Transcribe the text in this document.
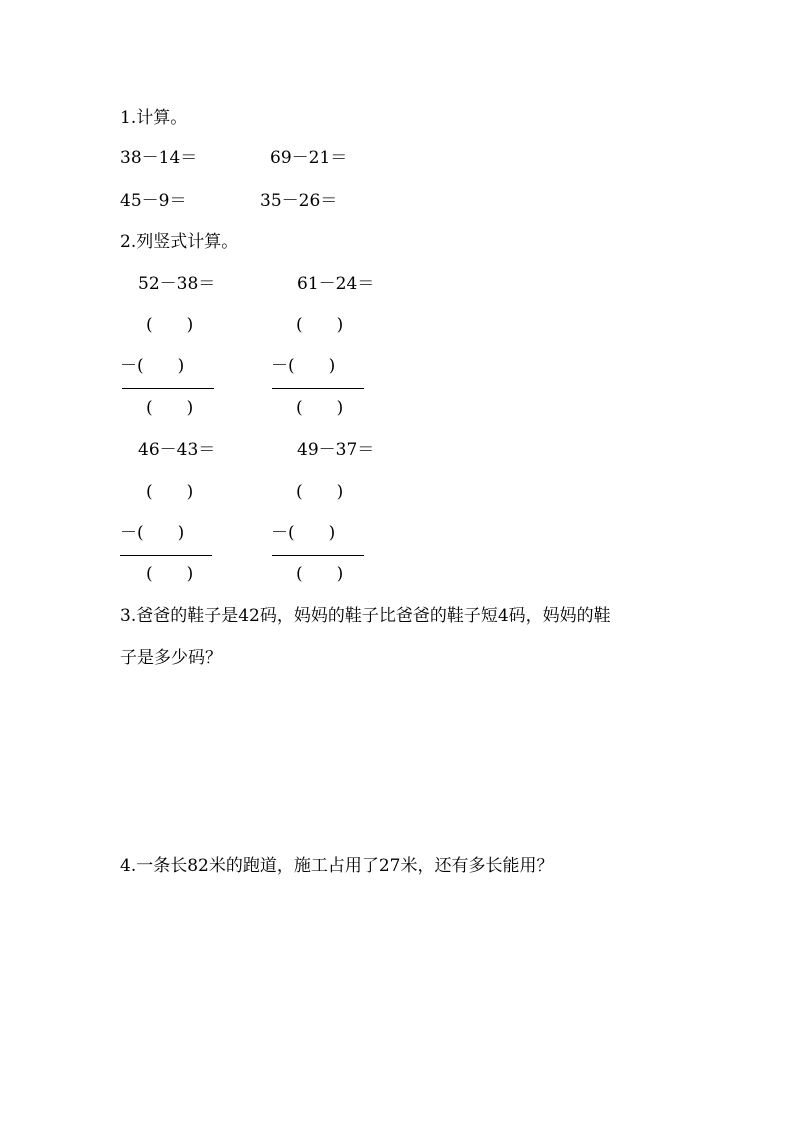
1.计算。
38－14＝	69－21＝
45－9＝	35－26＝
2.列竖式计算。
52－38＝
(　　)
－(　　)
(　　)
61－24＝
(　　)
－(　　)
(　　)
46－43＝
(　　)
－(　　)
(　　)
49－37＝
(　　)
－(　　)
(　　)
3.爸爸的鞋子是42码，妈妈的鞋子比爸爸的鞋子短4码，妈妈的鞋
子是多少码？
4.一条长82米的跑道，施工占用了27米，还有多长能用？
